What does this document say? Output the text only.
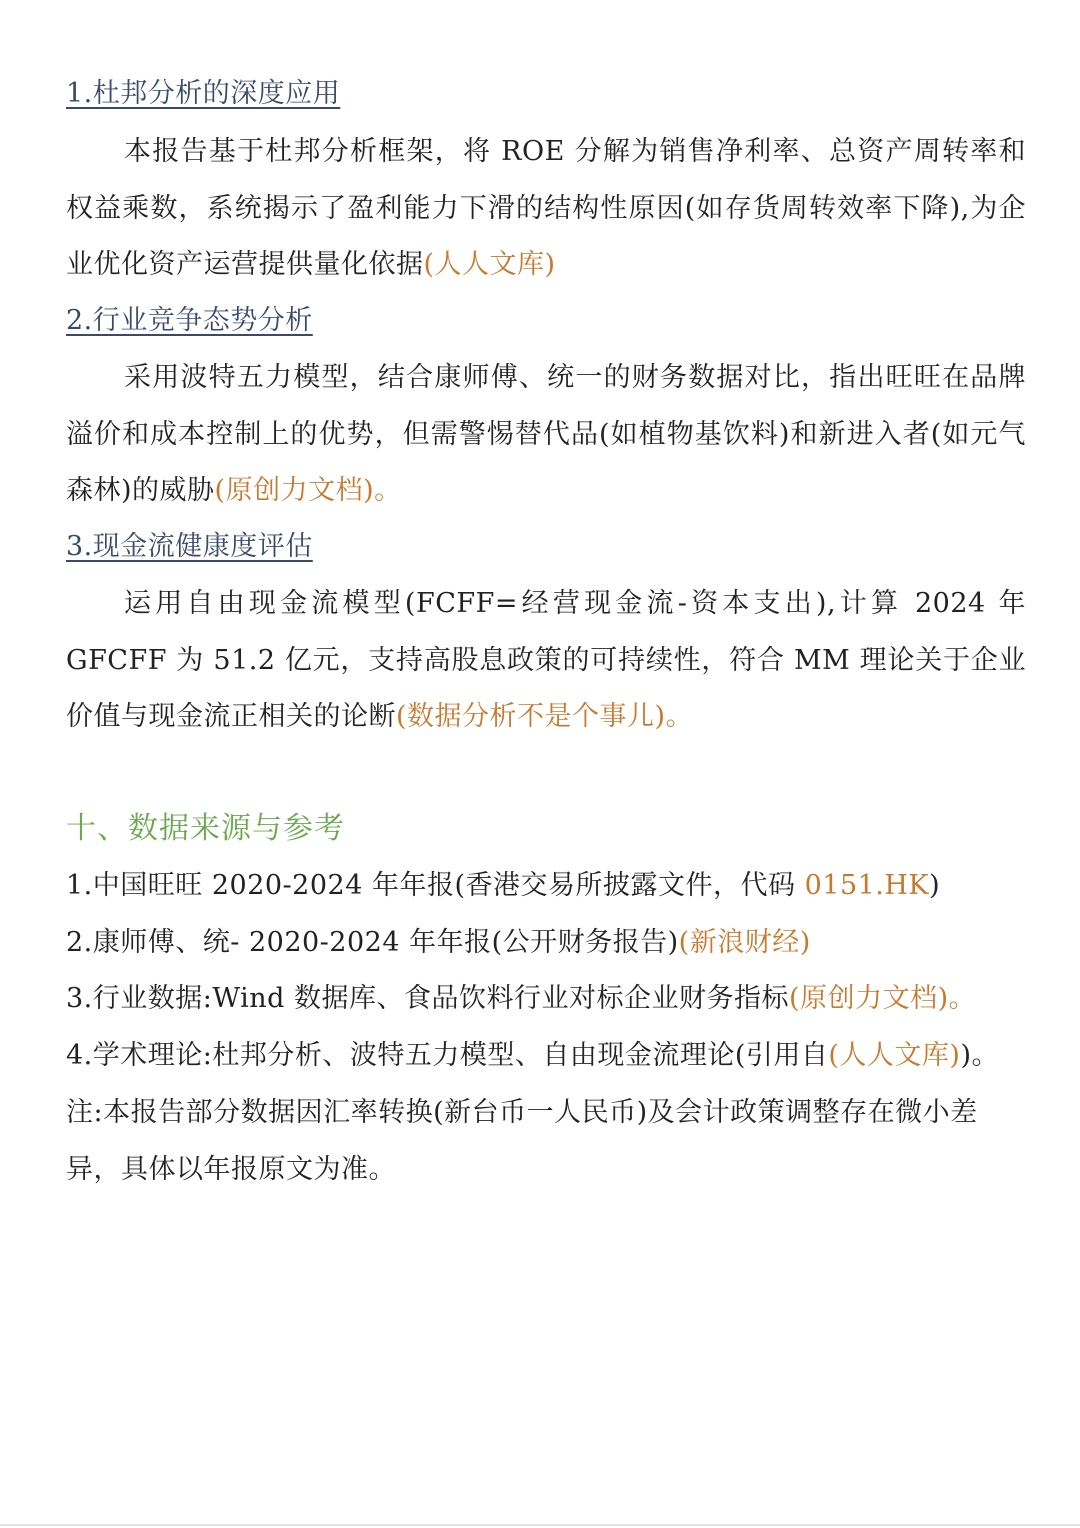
1.杜邦分析的深度应用
本报告基于杜邦分析框架，将 ROE 分解为销售净利率、总资产周转率和权益乘数，系统揭示了盈利能力下滑的结构性原因(如存货周转效率下降),为企业优化资产运营提供量化依据(人人文库)
2.行业竞争态势分析
采用波特五力模型，结合康师傅、统一的财务数据对比，指出旺旺在品牌溢价和成本控制上的优势，但需警惕替代品(如植物基饮料)和新进入者(如元气森林)的威胁(原创力文档)。
3.现金流健康度评估
运用自由现金流模型(FCFF=经营现金流-资本支出),计算 2024 年 GFCFF 为 51.2 亿元，支持高股息政策的可持续性，符合 MM 理论关于企业价值与现金流正相关的论断(数据分析不是个事儿)。
十、数据来源与参考
1.中国旺旺 2020-2024 年年报(香港交易所披露文件，代码 0151.HK)
2.康师傅、统- 2020-2024 年年报(公开财务报告)(新浪财经)
3.行业数据:Wind 数据库、食品饮料行业对标企业财务指标(原创力文档)。
4.学术理论:杜邦分析、波特五力模型、自由现金流理论(引用自(人人文库))。
注:本报告部分数据因汇率转换(新台币一人民币)及会计政策调整存在微小差异，具体以年报原文为准。
